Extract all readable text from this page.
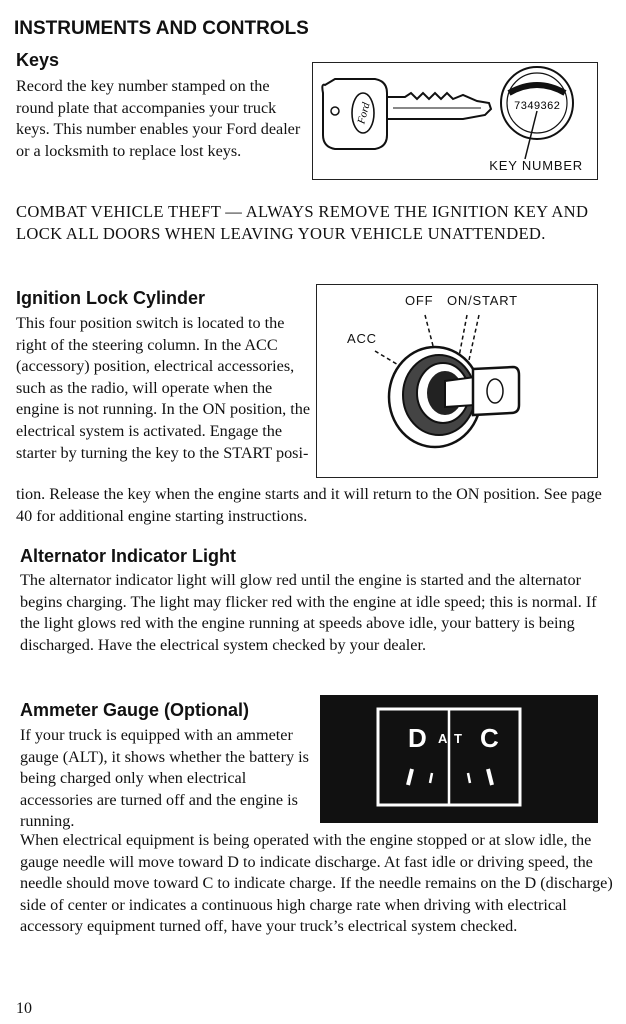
INSTRUMENTS AND CONTROLS
Keys

Record the key number stamped on the round plate that accompanies your truck keys. This number enables your Ford dealer or a locksmith to replace lost keys.

Ford	7349362
KEY NUMBER

COMBAT VEHICLE THEFT — ALWAYS REMOVE THE IGNITION KEY AND LOCK ALL DOORS WHEN LEAVING YOUR VEHICLE UNATTENDED.

Ignition Lock Cylinder

This four position switch is located to the right of the steering column. In the ACC (accessory) position, electrical accessories, such as the radio, will operate when the engine is not running. In the ON position, the electrical system is activated. Engage the starter by turning the key to the START posi-

tion. Release the key when the engine starts and it will return to the ON position. See page 40 for additional engine starting instructions.

OFF ON/START
ACC
Alternator Indicator Light

The alternator indicator light will glow red until the engine is started and the alternator begins charging. The light may flicker red with the engine at idle speed; this is normal. If the light glows red with the engine running at speeds above idle, your battery is being discharged. Have the electrical system checked by your dealer.

Ammeter Gauge (Optional)

If your truck is equipped with an ammeter gauge (ALT), it shows whether the battery is being charged only when electrical accessories are turned off and the engine is running.

When electrical equipment is being operated with the engine stopped or at slow idle, the gauge needle will move toward D to indicate discharge. At fast idle or driving speed, the needle should move toward C to indicate charge. If the needle remains on the D (discharge) side of center or indicates a continuous high charge rate when driving with electrical accessory equipment turned off, have your truck’s electrical system checked.

D A T C
10
